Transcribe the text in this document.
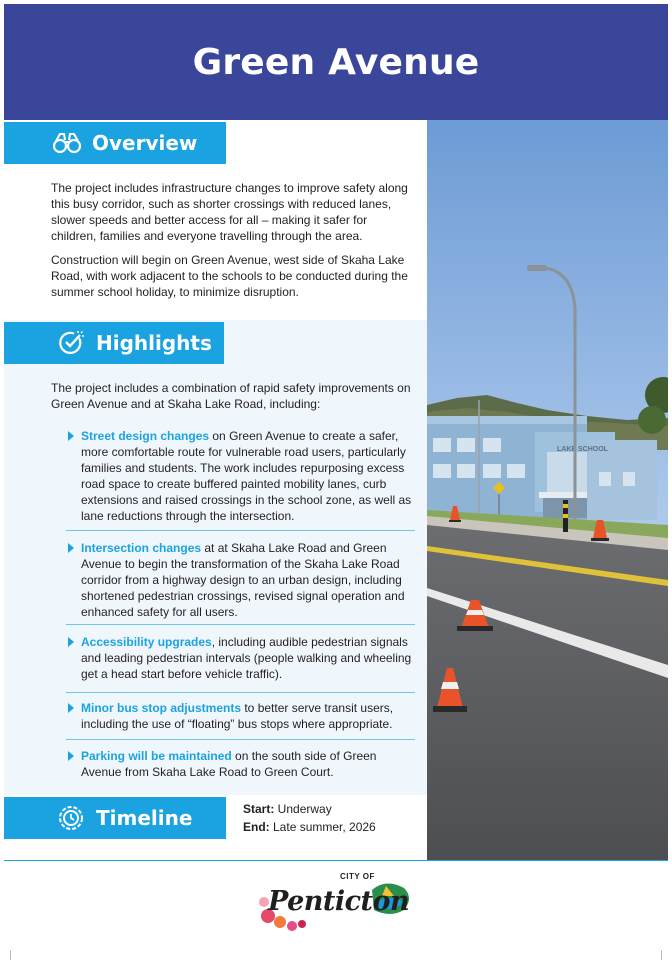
Green Avenue
LAKE SCHOOL
Overview

The project includes infrastructure changes to improve safety along this busy corridor, such as shorter crossings with reduced lanes, slower speeds and better access for all – making it safer for children, families and everyone travelling through the area.

Construction will begin on Green Avenue, west side of Skaha Lake Road, with work adjacent to the schools to be conducted during the summer school holiday, to minimize disruption.

Highlights

The project includes a combination of rapid safety improvements on Green Avenue and at Skaha Lake Road, including:

Street design changes on Green Avenue to create a safer, more comfortable route for vulnerable road users, particularly families and students. The work includes repurposing excess road space to create buffered painted mobility lanes, curb extensions and raised crossings in the school zone, as well as lane reductions through the intersection.
Intersection changes at at Skaha Lake Road and Green Avenue to begin the transformation of the Skaha Lake Road corridor from a highway design to an urban design, including shortened pedestrian crossings, revised signal operation and enhanced safety for all users.
Accessibility upgrades, including audible pedestrian signals and leading pedestrian intervals (people walking and wheeling get a head start before vehicle traffic).
Minor bus stop adjustments to better serve transit users, including the use of “floating” bus stops where appropriate.
Parking will be maintained on the south side of Green Avenue from Skaha Lake Road to Green Court.
Timeline	Start: Underway
End: Late summer, 2026
CITY OF
Penticton
